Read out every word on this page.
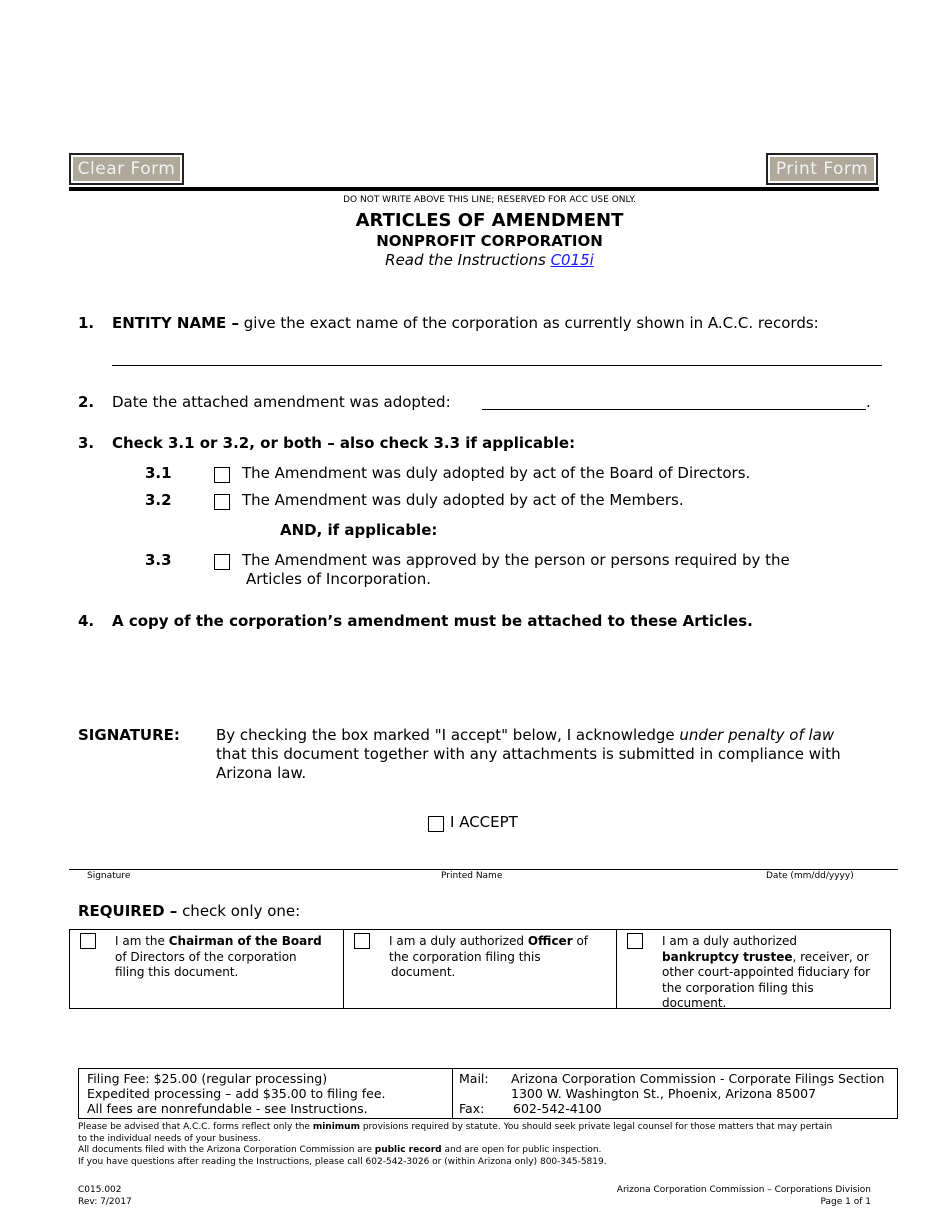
Clear Form	Print Form
DO NOT WRITE ABOVE THIS LINE; RESERVED FOR ACC USE ONLY.
ARTICLES OF AMENDMENT
NONPROFIT CORPORATION
Read the Instructions C015i
1. ENTITY NAME – give the exact name of the corporation as currently shown in A.C.C. records:
2. Date the attached amendment was adopted:	.
3. Check 3.1 or 3.2, or both – also check 3.3 if applicable:
3.1	The Amendment was duly adopted by act of the Board of Directors.
3.2	The Amendment was duly adopted by act of the Members.
AND, if applicable:
3.3	The Amendment was approved by the person or persons required by the
Articles of Incorporation.
4. A copy of the corporation’s amendment must be attached to these Articles.
SIGNATURE: By checking the box marked "I accept" below, I acknowledge under penalty of law
that this document together with any attachments is submitted in compliance with
Arizona law.
I ACCEPT
Signature	Printed Name	Date (mm/dd/yyyy)
REQUIRED – check only one:
I am the Chairman of the Board
of Directors of the corporation
filing this document.

I am a duly authorized Officer of
the corporation filing this
document.

I am a duly authorized
bankruptcy trustee, receiver, or
other court-appointed fiduciary for
the corporation filing this
document.
Filing Fee: $25.00 (regular processing)
Expedited processing – add $35.00 to filing fee.
All fees are nonrefundable - see Instructions.

Mail: Arizona Corporation Commission - Corporate Filings Section
1300 W. Washington St., Phoenix, Arizona 85007
Fax: 602-542-4100
Please be advised that A.C.C. forms reflect only the minimum provisions required by statute. You should seek private legal counsel for those matters that may pertain
to the individual needs of your business.
All documents filed with the Arizona Corporation Commission are public record and are open for public inspection.
If you have questions after reading the Instructions, please call 602-542-3026 or (within Arizona only) 800-345-5819.
C015.002
Rev: 7/2017
Arizona Corporation Commission – Corporations Division
Page 1 of 1
